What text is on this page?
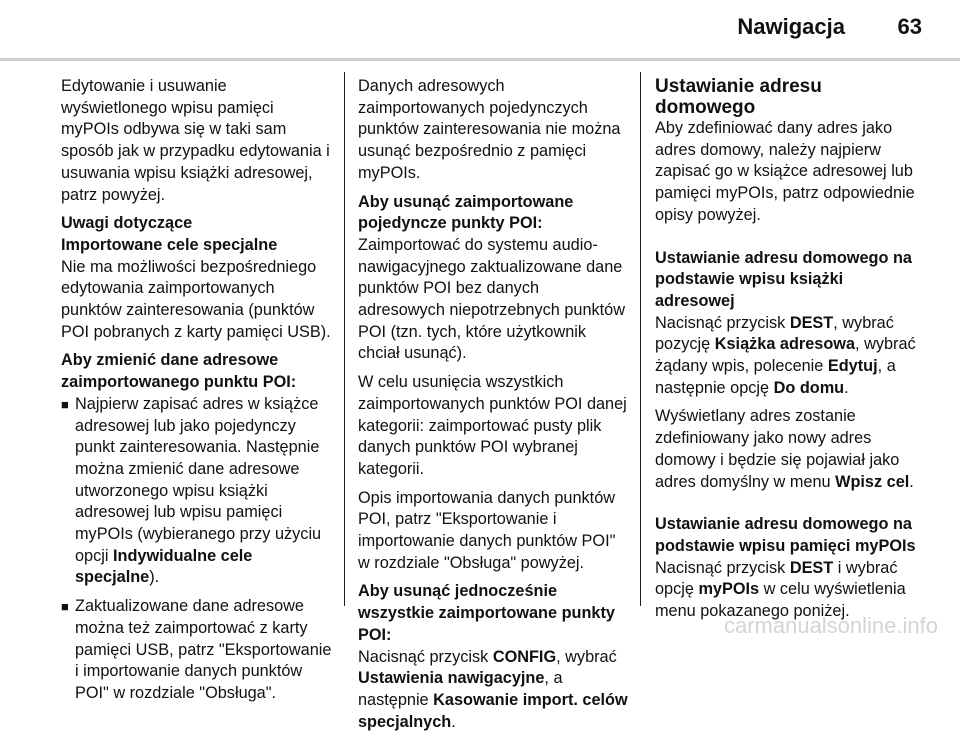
Nawigacja 63

Edytowanie i usuwanie wyświetlonego wpisu pamięci myPOIs odbywa się w taki sam sposób jak w przypadku edytowania i usuwania wpisu książki adresowej, patrz powyżej.

Uwagi dotyczące
Importowane cele specjalne

Nie ma możliwości bezpośredniego edytowania zaimportowanych punktów zainteresowania (punktów POI pobranych z karty pamięci USB).

Aby zmienić dane adresowe zaimportowanego punktu POI:
■ Najpierw zapisać adres w książce adresowej lub jako pojedynczy punkt zainteresowania. Następnie można zmienić dane adresowe utworzonego wpisu książki adresowej lub wpisu pamięci myPOIs (wybieranego przy użyciu opcji Indywidualne cele specjalne).
■ Zaktualizowane dane adresowe można też zaimportować z karty pamięci USB, patrz "Eksportowanie i importowanie danych punktów POI" w rozdziale "Obsługa".

Danych adresowych zaimportowanych pojedynczych punktów zainteresowania nie można usunąć bezpośrednio z pamięci myPOIs.

Aby usunąć zaimportowane pojedyncze punkty POI:

Zaimportować do systemu audio-nawigacyjnego zaktualizowane dane punktów POI bez danych adresowych niepotrzebnych punktów POI (tzn. tych, które użytkownik chciał usunąć).

W celu usunięcia wszystkich zaimportowanych punktów POI danej kategorii: zaimportować pusty plik danych punktów POI wybranej kategorii.

Opis importowania danych punktów POI, patrz "Eksportowanie i importowanie danych punktów POI" w rozdziale "Obsługa" powyżej.

Aby usunąć jednocześnie wszystkie zaimportowane punkty POI:

Nacisnąć przycisk CONFIG, wybrać Ustawienia nawigacyjne, a następnie Kasowanie import. celów specjalnych.

Ustawianie adresu domowego

Aby zdefiniować dany adres jako adres domowy, należy najpierw zapisać go w książce adresowej lub pamięci myPOIs, patrz odpowiednie opisy powyżej.

Ustawianie adresu domowego na podstawie wpisu książki adresowej

Nacisnąć przycisk DEST, wybrać pozycję Książka adresowa, wybrać żądany wpis, polecenie Edytuj, a następnie opcję Do domu.

Wyświetlany adres zostanie zdefiniowany jako nowy adres domowy i będzie się pojawiał jako adres domyślny w menu Wpisz cel.

Ustawianie adresu domowego na podstawie wpisu pamięci myPOIs

Nacisnąć przycisk DEST i wybrać opcję myPOIs w celu wyświetlenia menu pokazanego poniżej.

carmanualsonline.info
